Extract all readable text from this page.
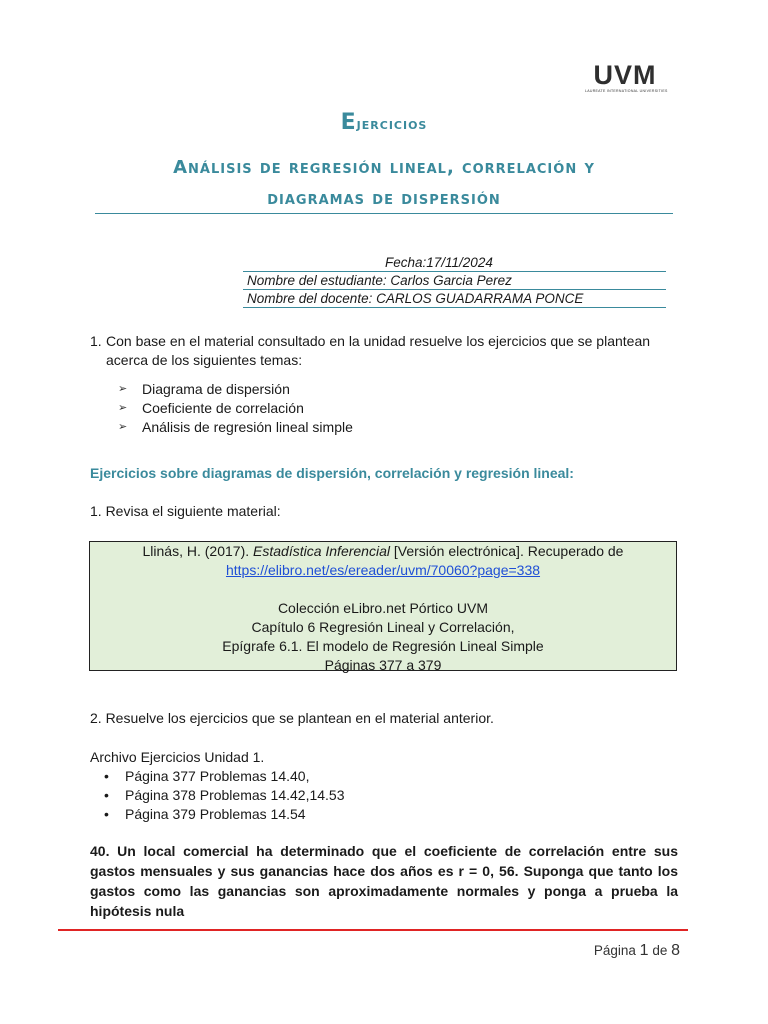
UVM
LAUREATE INTERNATIONAL UNIVERSITIES
Ejercicios
Análisis de regresión lineal, correlación y
diagramas de dispersión
Fecha:17/11/2024
Nombre del estudiante: Carlos Garcia Perez
Nombre del docente: CARLOS GUADARRAMA PONCE
1. Con base en el material consultado en la unidad resuelve los ejercicios que se plantean
acerca de los siguientes temas:
➢ Diagrama de dispersión
➢ Coeficiente de correlación
➢ Análisis de regresión lineal simple
Ejercicios sobre diagramas de dispersión, correlación y regresión lineal:
1. Revisa el siguiente material:
Llinás, H. (2017). Estadística Inferencial [Versión electrónica]. Recuperado de
https://elibro.net/es/ereader/uvm/70060?page=338
Colección eLibro.net Pórtico UVM
Capítulo 6 Regresión Lineal y Correlación,
Epígrafe 6.1. El modelo de Regresión Lineal Simple
Páginas 377 a 379
2. Resuelve los ejercicios que se plantean en el material anterior.
Archivo Ejercicios Unidad 1.
• Página 377 Problemas 14.40,
• Página 378 Problemas 14.42,14.53
• Página 379 Problemas 14.54
40. Un local comercial ha determinado que el coeficiente de correlación entre sus gastos mensuales y sus ganancias hace dos años es r = 0, 56. Suponga que tanto los gastos como las ganancias son aproximadamente normales y ponga a prueba la hipótesis nula
Página 1 de 8
